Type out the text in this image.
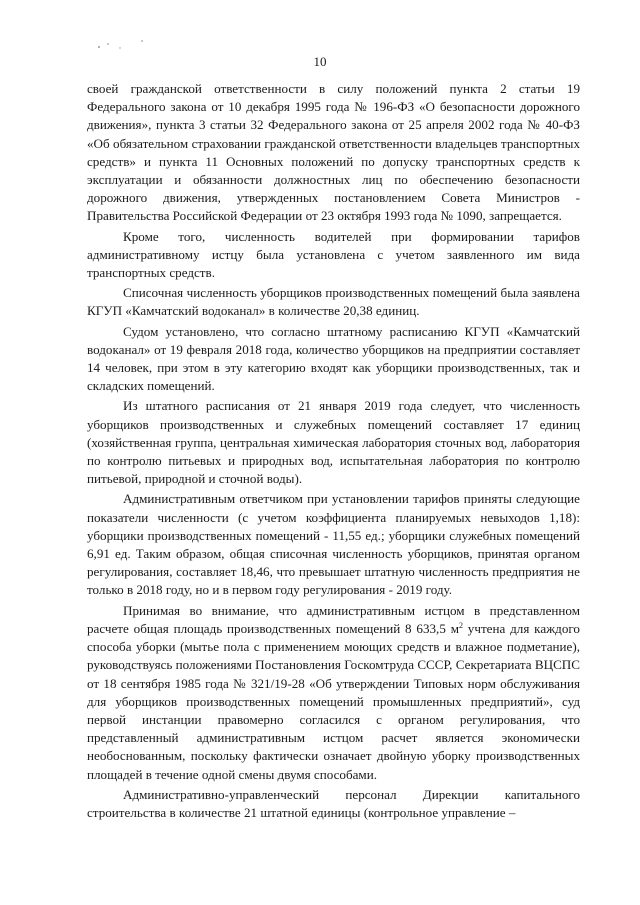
10

своей гражданской ответственности в силу положений пункта 2 статьи 19 Федерального закона от 10 декабря 1995 года № 196-ФЗ «О безопасности дорожного движения», пункта 3 статьи 32 Федерального закона от 25 апреля 2002 года № 40-ФЗ «Об обязательном страховании гражданской ответственности владельцев транспортных средств» и пункта 11 Основных положений по допуску транспортных средств к эксплуатации и обязанности должностных лиц по обеспечению безопасности дорожного движения, утвержденных постановлением Совета Министров - Правительства Российской Федерации от 23 октября 1993 года № 1090, запрещается.

Кроме того, численность водителей при формировании тарифов административному истцу была установлена с учетом заявленного им вида транспортных средств.

Списочная численность уборщиков производственных помещений была заявлена КГУП «Камчатский водоканал» в количестве 20,38 единиц.

Судом установлено, что согласно штатному расписанию КГУП «Камчатский водоканал» от 19 февраля 2018 года, количество уборщиков на предприятии составляет 14 человек, при этом в эту категорию входят как уборщики производственных, так и складских помещений.

Из штатного расписания от 21 января 2019 года следует, что численность уборщиков производственных и служебных помещений составляет 17 единиц (хозяйственная группа, центральная химическая лаборатория сточных вод, лаборатория по контролю питьевых и природных вод, испытательная лаборатория по контролю питьевой, природной и сточной воды).

Административным ответчиком при установлении тарифов приняты следующие показатели численности (с учетом коэффициента планируемых невыходов 1,18): уборщики производственных помещений - 11,55 ед.; уборщики служебных помещений 6,91 ед. Таким образом, общая списочная численность уборщиков, принятая органом регулирования, составляет 18,46, что превышает штатную численность предприятия не только в 2018 году, но и в первом году регулирования - 2019 году.

Принимая во внимание, что административным истцом в представленном расчете общая площадь производственных помещений 8 633,5 $м^2$ учтена для каждого способа уборки (мытье пола с применением моющих средств и влажное подметание), руководствуясь положениями Постановления Госкомтруда СССР, Секретариата ВЦСПС от 18 сентября 1985 года № 321/19-28 «Об утверждении Типовых норм обслуживания для уборщиков производственных помещений промышленных предприятий», суд первой инстанции правомерно согласился с органом регулирования, что представленный административным истцом расчет является экономически необоснованным, поскольку фактически означает двойную уборку производственных площадей в течение одной смены двумя способами.

Административно-управленческий персонал Дирекции капитального строительства в количестве 21 штатной единицы (контрольное управление –
